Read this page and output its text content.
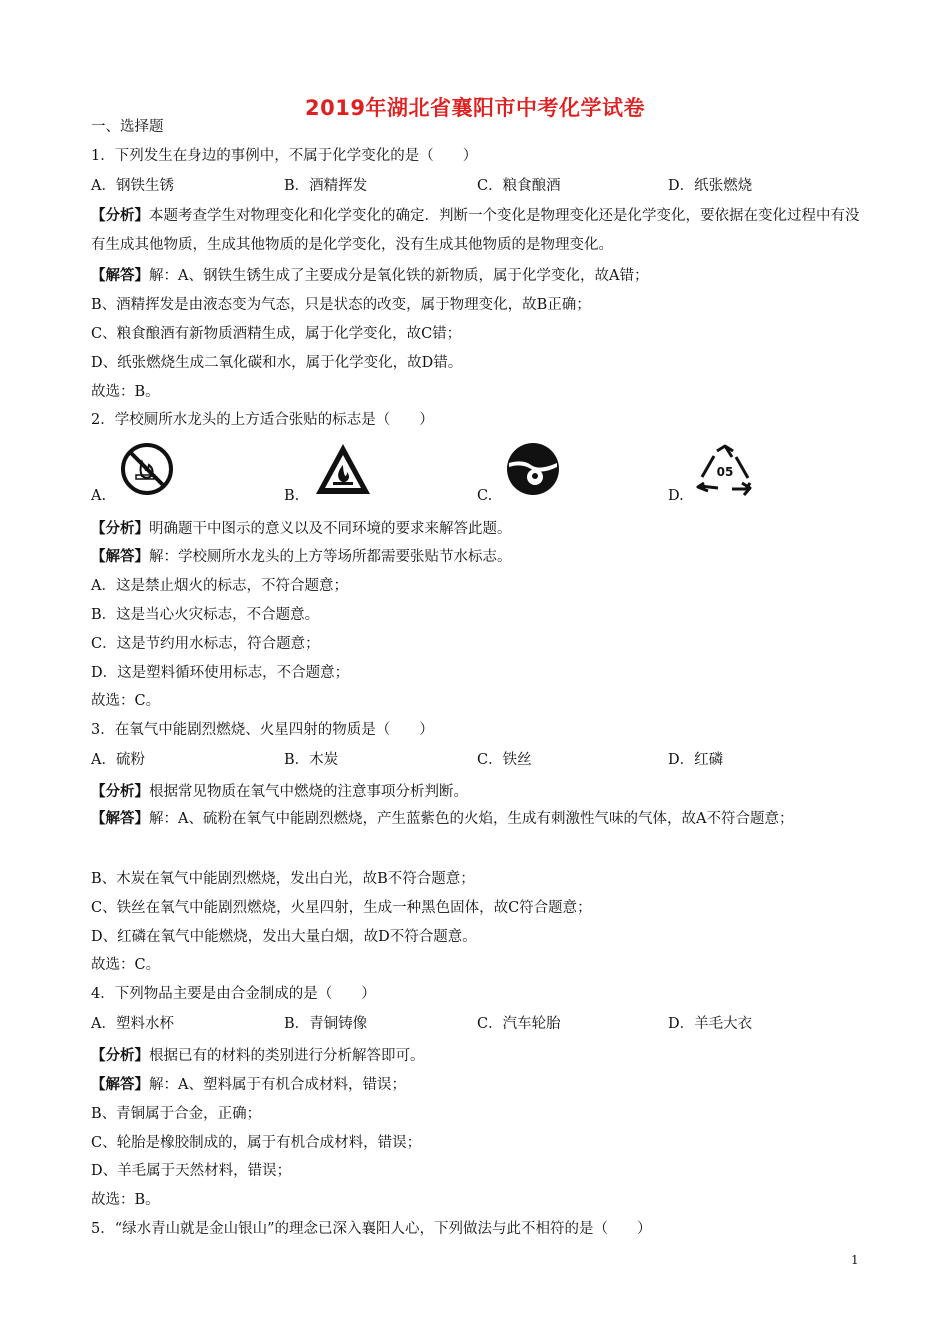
2019年湖北省襄阳市中考化学试卷
一、选择题
1．下列发生在身边的事例中，不属于化学变化的是（　　）
A．钢铁生锈	B．酒精挥发	C．粮食酿酒	D．纸张燃烧
【分析】本题考查学生对物理变化和化学变化的确定．判断一个变化是物理变化还是化学变化，要依据在变化过程中有没有生成其他物质，生成其他物质的是化学变化，没有生成其他物质的是物理变化。
【解答】解：A、钢铁生锈生成了主要成分是氧化铁的新物质，属于化学变化，故A错；
B、酒精挥发是由液态变为气态，只是状态的改变，属于物理变化，故B正确；
C、粮食酿酒有新物质酒精生成，属于化学变化，故C错；
D、纸张燃烧生成二氧化碳和水，属于化学变化，故D错。
故选：B。
2．学校厕所水龙头的上方适合张贴的标志是（　　）
A.	B.	C.	D.
05
【分析】明确题干中图示的意义以及不同环境的要求来解答此题。
【解答】解：学校厕所水龙头的上方等场所都需要张贴节水标志。
A．这是禁止烟火的标志，不符合题意；
B．这是当心火灾标志，不合题意。
C．这是节约用水标志，符合题意；
D．这是塑料循环使用标志，不合题意；
故选：C。
3．在氧气中能剧烈燃烧、火星四射的物质是（　　）
A．硫粉	B．木炭	C．铁丝	D．红磷
【分析】根据常见物质在氧气中燃烧的注意事项分析判断。
【解答】解：A、硫粉在氧气中能剧烈燃烧，产生蓝紫色的火焰，生成有刺激性气味的气体，故A不符合题意；
B、木炭在氧气中能剧烈燃烧，发出白光，故B不符合题意；
C、铁丝在氧气中能剧烈燃烧，火星四射，生成一种黑色固体，故C符合题意；
D、红磷在氧气中能燃烧，发出大量白烟，故D不符合题意。
故选：C。
4．下列物品主要是由合金制成的是（　　）
A．塑料水杯	B．青铜铸像	C．汽车轮胎	D．羊毛大衣
【分析】根据已有的材料的类别进行分析解答即可。
【解答】解：A、塑料属于有机合成材料，错误；
B、青铜属于合金，正确；
C、轮胎是橡胶制成的，属于有机合成材料，错误；
D、羊毛属于天然材料，错误；
故选：B。
5．“绿水青山就是金山银山”的理念已深入襄阳人心，下列做法与此不相符的是（　　）
1
